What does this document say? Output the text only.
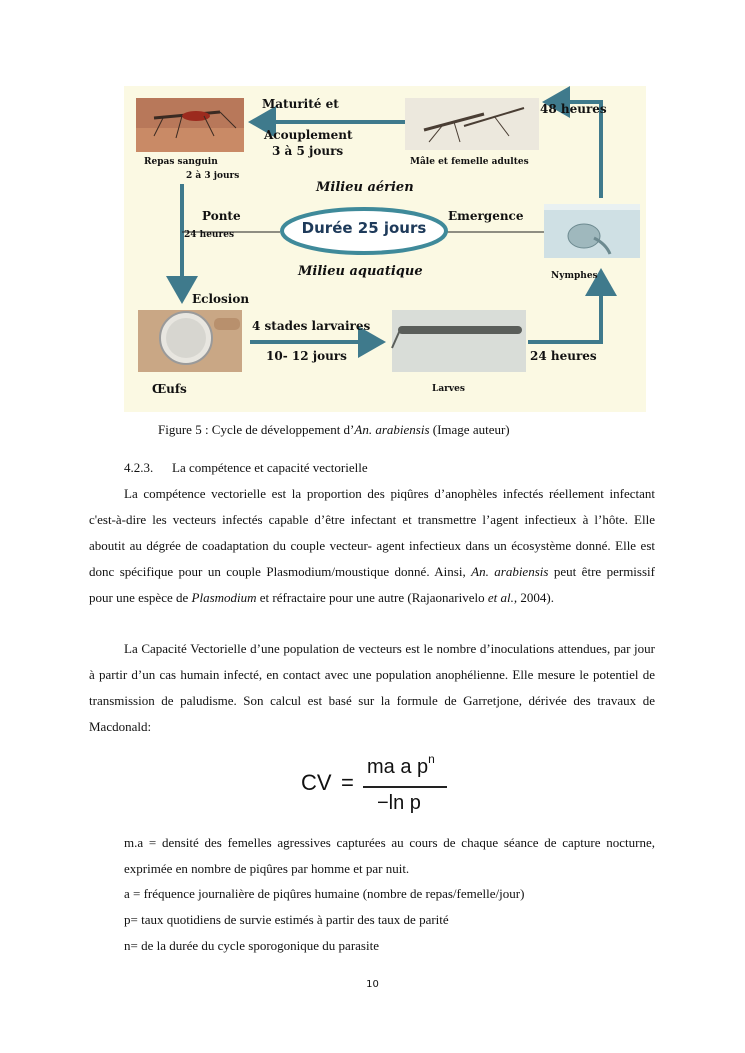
Maturité et
Acouplement
3 à 5 jours
48 heures
Repas sanguin
2 à 3 jours
Mâle et femelle adultes
Milieu aérien
Ponte
24 heures	Durée 25 jours
Emergence
Milieu aquatique	Nymphes
Eclosion
4 stades larvaires
10- 12 jours	24 heures
Œufs	Larves
Figure 5 : Cycle de développement d’An. arabiensis (Image auteur)
4.2.3. La compétence et capacité vectorielle

La compétence vectorielle est la proportion des piqûres d’anophèles infectés réellement infectant c'est-à-dire les vecteurs infectés capable d’être infectant et transmettre l’agent infectieux à l’hôte. Elle aboutit au dégrée de coadaptation du couple vecteur- agent infectieux dans un écosystème donné. Elle est donc spécifique pour un couple Plasmodium/moustique donné. Ainsi, An. arabiensis peut être permissif pour une espèce de Plasmodium et réfractaire pour une autre (Rajaonarivelo et al., 2004).

La Capacité Vectorielle d’une population de vecteurs est le nombre d’inoculations attendues, par jour à partir d’un cas humain infecté, en contact avec une population anophélienne. Elle mesure le potentiel de transmission de paludisme. Son calcul est basé sur la formule de Garretjone, dérivée des travaux de Macdonald:

CV =
ma a $p^n$
−ln p

m.a = densité des femelles agressives capturées au cours de chaque séance de capture nocturne, exprimée en nombre de piqûres par homme et par nuit.

a = fréquence journalière de piqûres humaine (nombre de repas/femelle/jour)

p= taux quotidiens de survie estimés à partir des taux de parité

n= de la durée du cycle sporogonique du parasite

10
